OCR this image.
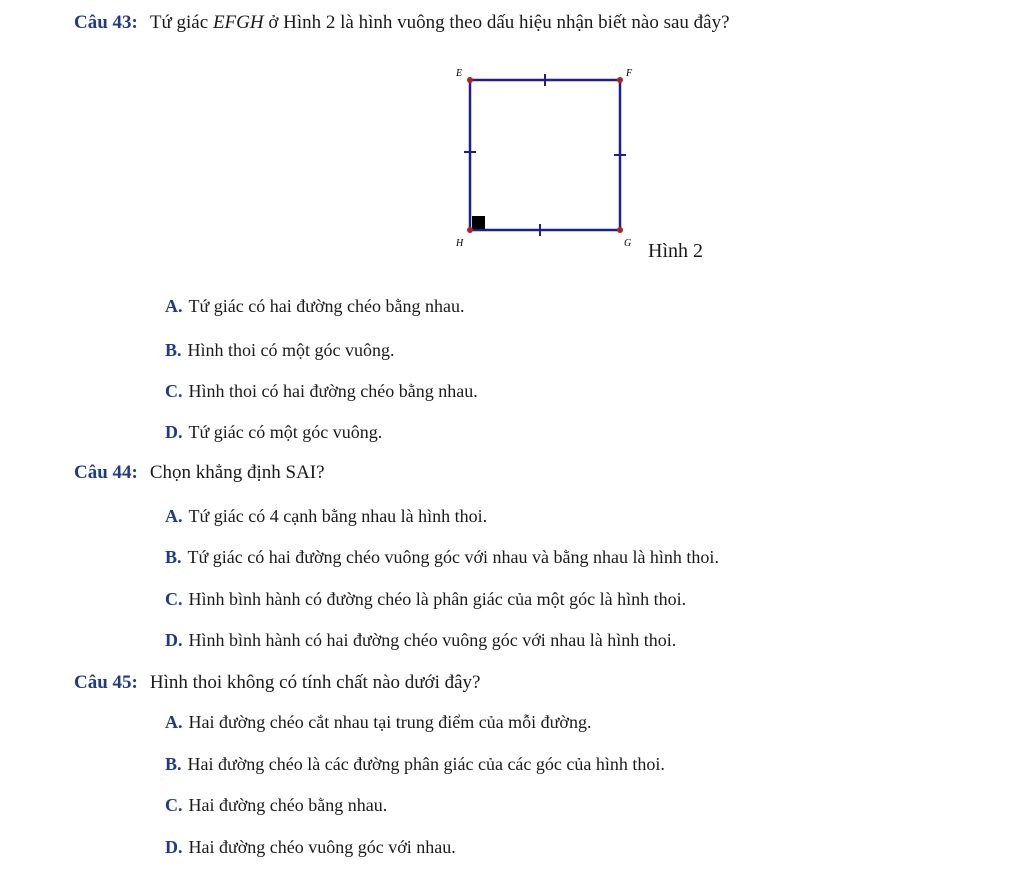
Câu 43: Tứ giác EFGH ở Hình 2 là hình vuông theo dấu hiệu nhận biết nào sau đây?
E	F
G
H	Hình 2
A. Tứ giác có hai đường chéo bằng nhau.
B. Hình thoi có một góc vuông.
C. Hình thoi có hai đường chéo bằng nhau.
D. Tứ giác có một góc vuông.
Câu 44: Chọn khẳng định SAI?
A. Tứ giác có 4 cạnh bằng nhau là hình thoi.
B. Tứ giác có hai đường chéo vuông góc với nhau và bằng nhau là hình thoi.
C. Hình bình hành có đường chéo là phân giác của một góc là hình thoi.
D. Hình bình hành có hai đường chéo vuông góc với nhau là hình thoi.
Câu 45: Hình thoi không có tính chất nào dưới đây?
A. Hai đường chéo cắt nhau tại trung điểm của mỗi đường.
B. Hai đường chéo là các đường phân giác của các góc của hình thoi.
C. Hai đường chéo bằng nhau.
D. Hai đường chéo vuông góc với nhau.
